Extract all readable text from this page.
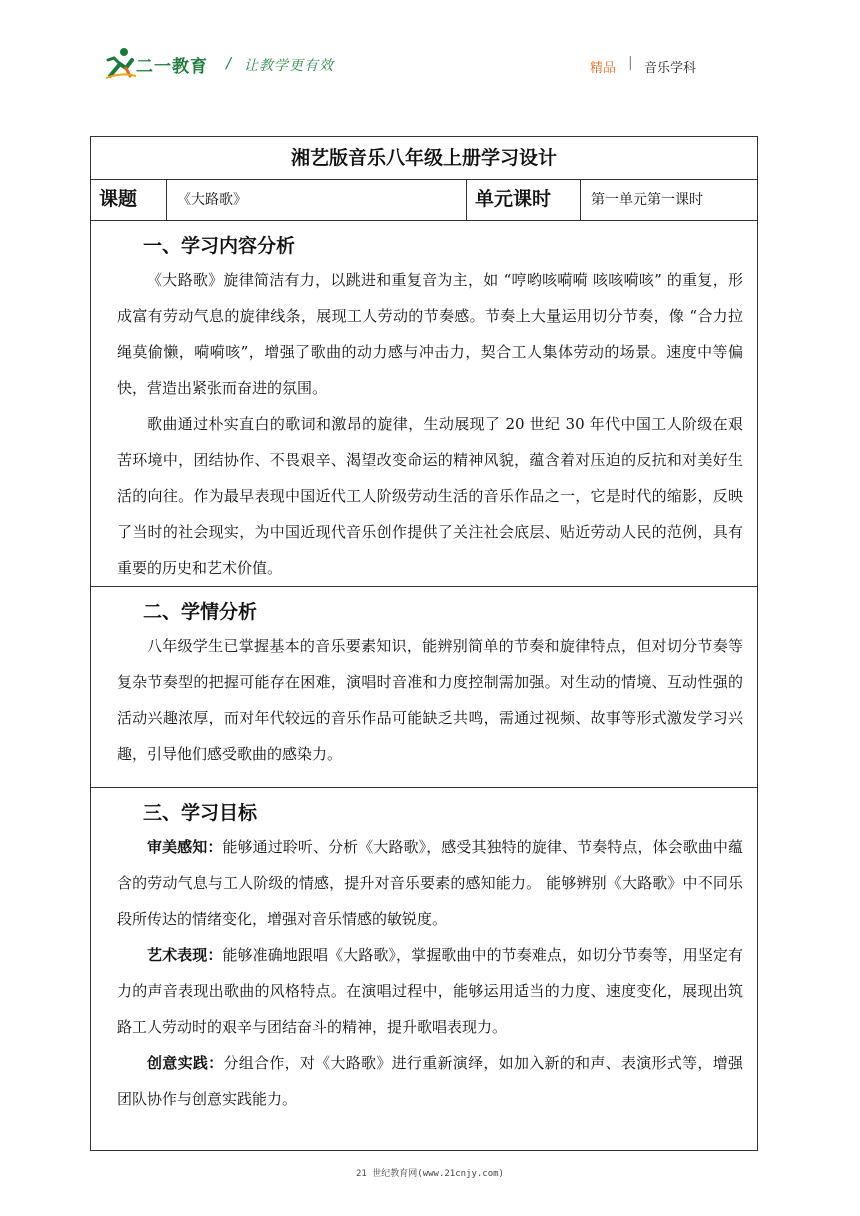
二一教育 / 让教学更有效	精品 | 音乐学科
湘艺版音乐八年级上册学习设计
课题	《大路歌》	单元课时	第一单元第一课时

一、学习内容分析

《大路歌》旋律简洁有力，以跳进和重复音为主，如 “哼哟咳嗬嗬 咳咳嗬咳” 的重复，形成富有劳动气息的旋律线条，展现工人劳动的节奏感。节奏上大量运用切分节奏，像 “合力拉绳莫偷懒，嗬嗬咳”，增强了歌曲的动力感与冲击力，契合工人集体劳动的场景。速度中等偏快，营造出紧张而奋进的氛围。

歌曲通过朴实直白的歌词和激昂的旋律，生动展现了 20 世纪 30 年代中国工人阶级在艰苦环境中，团结协作、不畏艰辛、渴望改变命运的精神风貌，蕴含着对压迫的反抗和对美好生活的向往。作为最早表现中国近代工人阶级劳动生活的音乐作品之一，它是时代的缩影，反映了当时的社会现实，为中国近现代音乐创作提供了关注社会底层、贴近劳动人民的范例，具有重要的历史和艺术价值。

二、学情分析

八年级学生已掌握基本的音乐要素知识，能辨别简单的节奏和旋律特点，但对切分节奏等复杂节奏型的把握可能存在困难，演唱时音准和力度控制需加强。对生动的情境、互动性强的活动兴趣浓厚，而对年代较远的音乐作品可能缺乏共鸣，需通过视频、故事等形式激发学习兴趣，引导他们感受歌曲的感染力。

三、学习目标

审美感知：能够通过聆听、分析《大路歌》，感受其独特的旋律、节奏特点，体会歌曲中蕴含的劳动气息与工人阶级的情感，提升对音乐要素的感知能力。 能够辨别《大路歌》中不同乐段所传达的情绪变化，增强对音乐情感的敏锐度。

艺术表现：能够准确地跟唱《大路歌》，掌握歌曲中的节奏难点，如切分节奏等，用坚定有力的声音表现出歌曲的风格特点。在演唱过程中，能够运用适当的力度、速度变化，展现出筑路工人劳动时的艰辛与团结奋斗的精神，提升歌唱表现力。

创意实践：分组合作，对《大路歌》进行重新演绎，如加入新的和声、表演形式等，增强团队协作与创意实践能力。

21 世纪教育网(www.21cnjy.com)
